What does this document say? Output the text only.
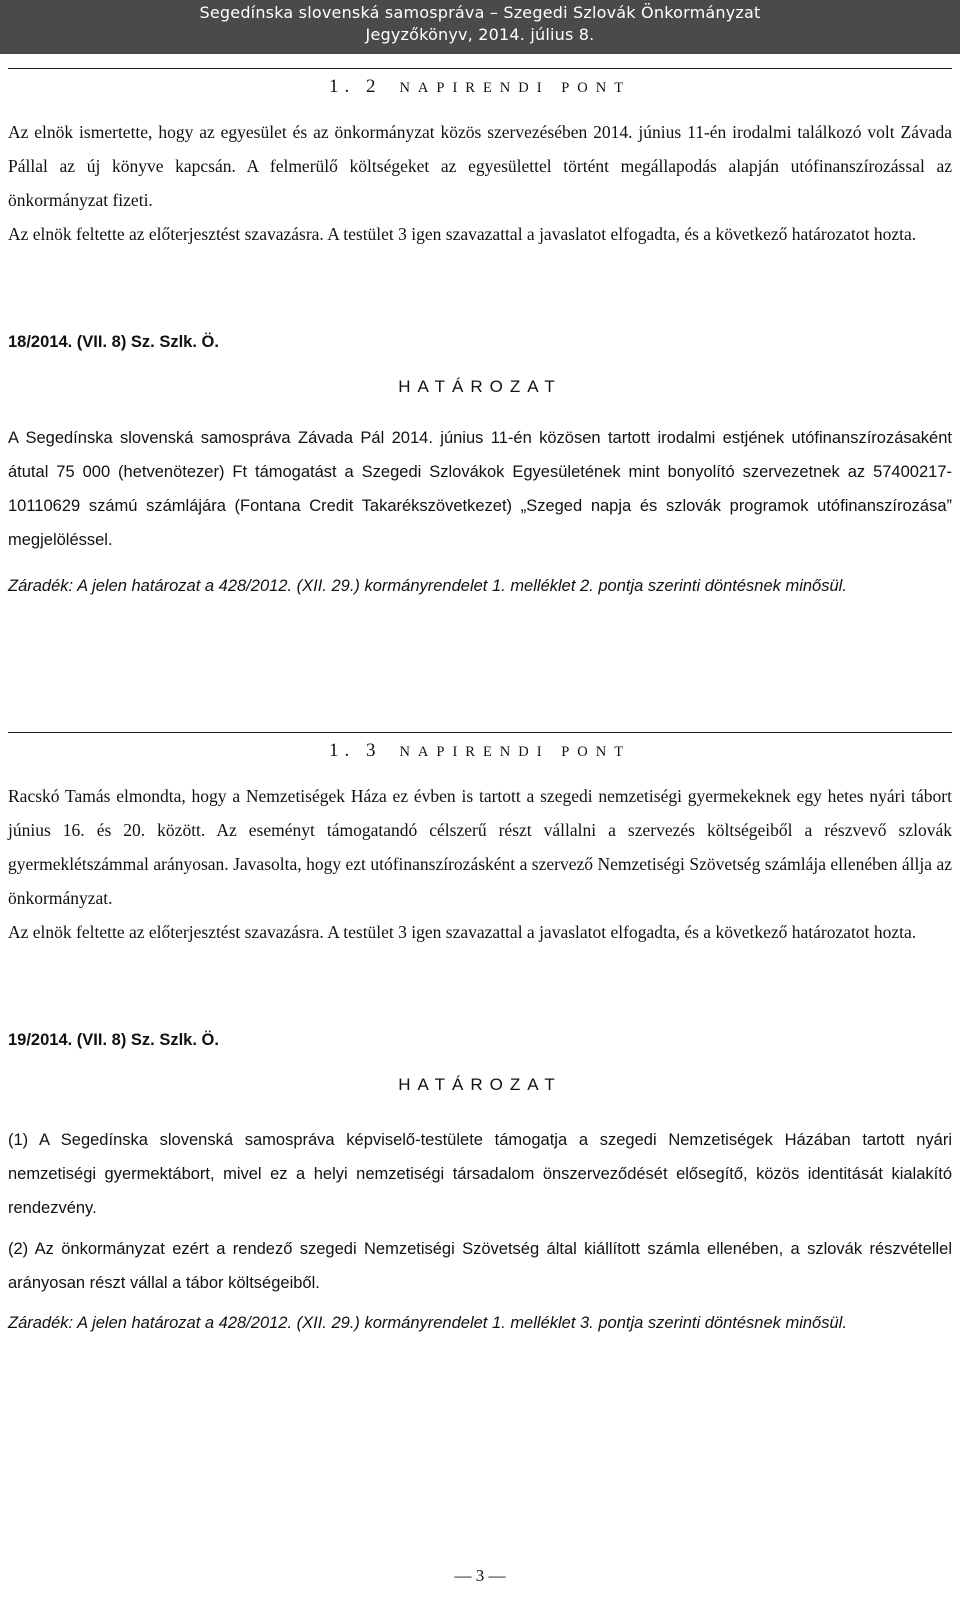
Segedínska slovenská samospráva – Szegedi Szlovák Önkormányzat
Jegyzőkönyv, 2014. július 8.
1. 2 NAPIRENDI PONT

Az elnök ismertette, hogy az egyesület és az önkormányzat közös szervezésében 2014. június 11-én irodalmi találkozó volt Závada Pállal az új könyve kapcsán. A felmerülő költségeket az egyesülettel történt megállapodás alapján utófinanszírozással az önkormányzat fizeti.

Az elnök feltette az előterjesztést szavazásra. A testület 3 igen szavazattal a javaslatot elfogadta, és a következő határozatot hozta.

18/2014. (VII. 8) Sz. Szlk. Ö.
HATÁROZAT

A Segedínska slovenská samospráva Závada Pál 2014. június 11-én közösen tartott irodalmi estjének utófinanszírozásaként átutal 75 000 (hetvenötezer) Ft támogatást a Szegedi Szlovákok Egyesületének mint bonyolító szervezetnek az 57400217-10110629 számú számlájára (Fontana Credit Takarékszövetkezet) „Szeged napja és szlovák programok utófinanszírozása” megjelöléssel.

Záradék: A jelen határozat a 428/2012. (XII. 29.) kormányrendelet 1. melléklet 2. pontja szerinti döntésnek minősül.

1. 3 NAPIRENDI PONT

Racskó Tamás elmondta, hogy a Nemzetiségek Háza ez évben is tartott a szegedi nemzetiségi gyermekeknek egy hetes nyári tábort június 16. és 20. között. Az eseményt támogatandó célszerű részt vállalni a szervezés költségeiből a részvevő szlovák gyermeklétszámmal arányosan. Javasolta, hogy ezt utófinanszírozásként a szervező Nemzetiségi Szövetség számlája ellenében állja az önkormányzat.

Az elnök feltette az előterjesztést szavazásra. A testület 3 igen szavazattal a javaslatot elfogadta, és a következő határozatot hozta.

19/2014. (VII. 8) Sz. Szlk. Ö.
HATÁROZAT

(1) A Segedínska slovenská samospráva képviselő-testülete támogatja a szegedi Nemzetiségek Házában tartott nyári nemzetiségi gyermektábort, mivel ez a helyi nemzetiségi társadalom önszerveződését elősegítő, közös identitását kialakító rendezvény.

(2) Az önkormányzat ezért a rendező szegedi Nemzetiségi Szövetség által kiállított számla ellenében, a szlovák részvétellel arányosan részt vállal a tábor költségeiből.

Záradék: A jelen határozat a 428/2012. (XII. 29.) kormányrendelet 1. melléklet 3. pontja szerinti döntésnek minősül.

— 3 —
